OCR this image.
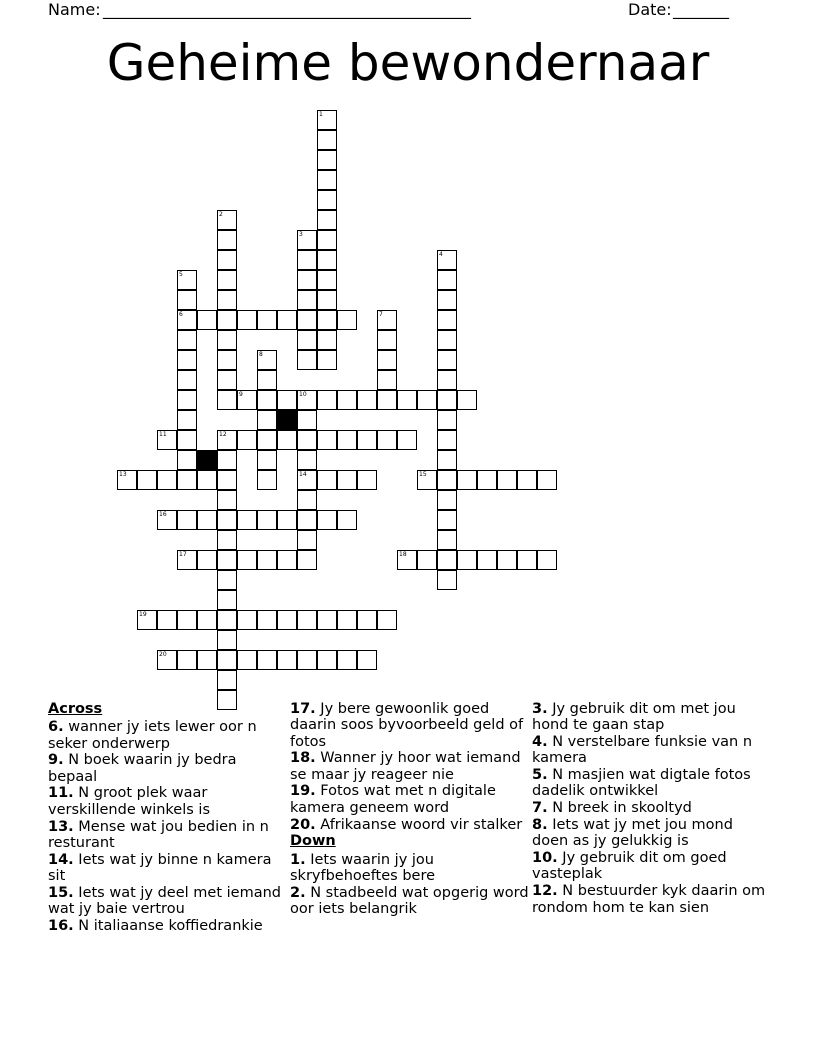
Name: ______________________________________________	Date: _______
Geheime bewondernaar
1
2
3
4
5
6	7
8
9	10
14
11	12
13	15
16
17	18
19
20
Across
6. wanner jy iets lewer oor n seker onderwerp
9. N boek waarin jy bedra bepaal
11. N groot plek waar verskillende winkels is
13. Mense wat jou bedien in n resturant
14. Iets wat jy binne n kamera sit
15. Iets wat jy deel met iemand wat jy baie vertrou
16. N italiaanse koffiedrankie
17. Jy bere gewoonlik goed daarin soos byvoorbeeld geld of fotos
18. Wanner jy hoor wat iemand se maar jy reageer nie
19. Fotos wat met n digitale kamera geneem word
20. Afrikaanse woord vir stalker
Down
1. Iets waarin jy jou skryfbehoeftes bere
2. N stadbeeld wat opgerig word oor iets belangrik
3. Jy gebruik dit om met jou hond te gaan stap
4. N verstelbare funksie van n kamera
5. N masjien wat digtale fotos dadelik ontwikkel
7. N breek in skooltyd
8. Iets wat jy met jou mond doen as jy gelukkig is
10. Jy gebruik dit om goed vasteplak
12. N bestuurder kyk daarin om rondom hom te kan sien
